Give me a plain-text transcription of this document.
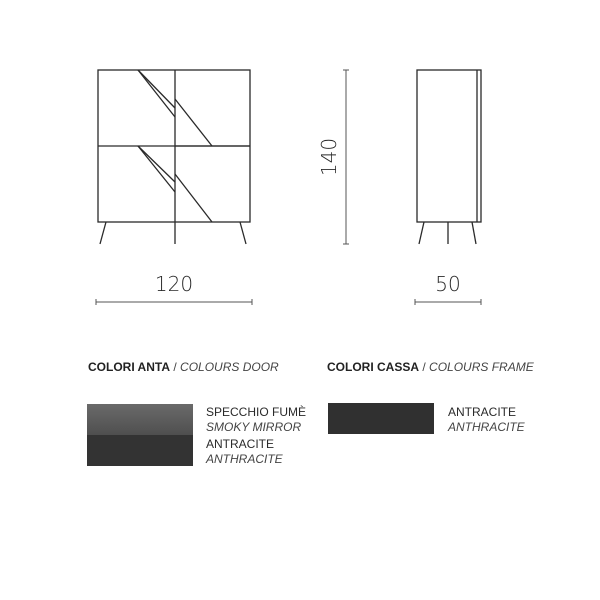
140
120	50
COLORI ANTA / COLOURS DOOR
SPECCHIO FUMÈ
SMOKY MIRROR
ANTRACITE
ANTHRACITE
COLORI CASSA / COLOURS FRAME
ANTRACITE
ANTHRACITE
